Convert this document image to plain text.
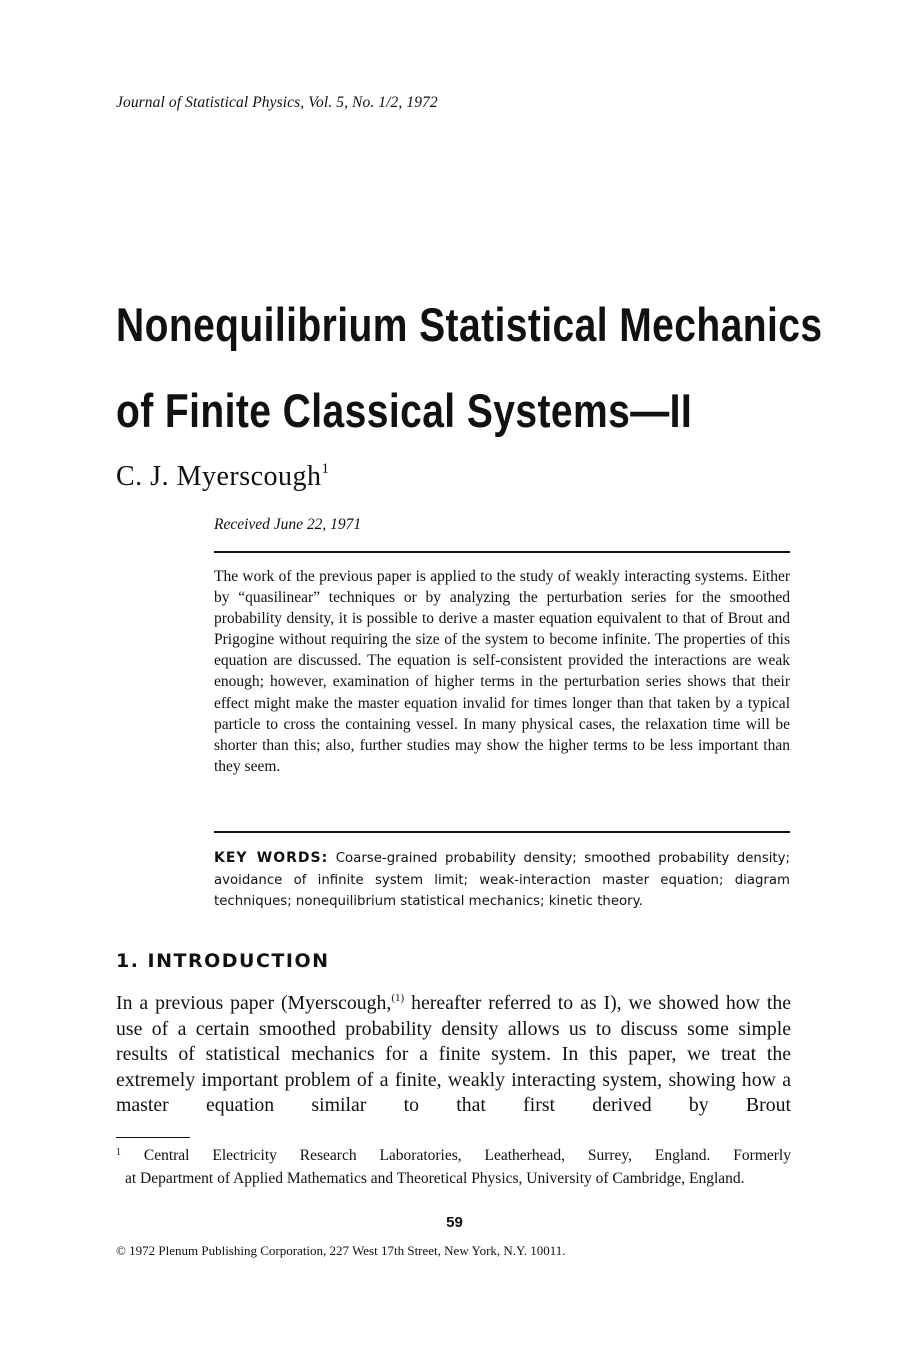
Journal of Statistical Physics, Vol. 5, No. 1/2, 1972
Nonequilibrium Statistical Mechanics
of Finite Classical Systems—II
C. J. Myerscough$^1$
Received June 22, 1971
The work of the previous paper is applied to the study of weakly interacting systems. Either by “quasilinear” techniques or by analyzing the perturbation series for the smoothed probability density, it is possible to derive a master equation equivalent to that of Brout and Prigogine without requiring the size of the system to become infinite. The properties of this equation are discussed. The equation is self-consistent provided the interactions are weak enough; however, examination of higher terms in the perturbation series shows that their effect might make the master equation invalid for times longer than that taken by a typical particle to cross the containing vessel. In many physical cases, the relaxation time will be shorter than this; also, further studies may show the higher terms to be less important than they seem.
KEY WORDS: Coarse-grained probability density; smoothed probability density; avoidance of infinite system limit; weak-interaction master equation; diagram techniques; nonequilibrium statistical mechanics; kinetic theory.
1. INTRODUCTION
In a previous paper (Myerscough,$^{(1)}$ hereafter referred to as I), we showed how the use of a certain smoothed probability density allows us to discuss some simple results of statistical mechanics for a finite system. In this paper, we treat the extremely important problem of a finite, weakly interacting system, showing how a master equation similar to that first derived by Brout
$^1$ Central Electricity Research Laboratories, Leatherhead, Surrey, England. Formerly
at Department of Applied Mathematics and Theoretical Physics, University of Cambridge, England.
59
© 1972 Plenum Publishing Corporation, 227 West 17th Street, New York, N.Y. 10011.
